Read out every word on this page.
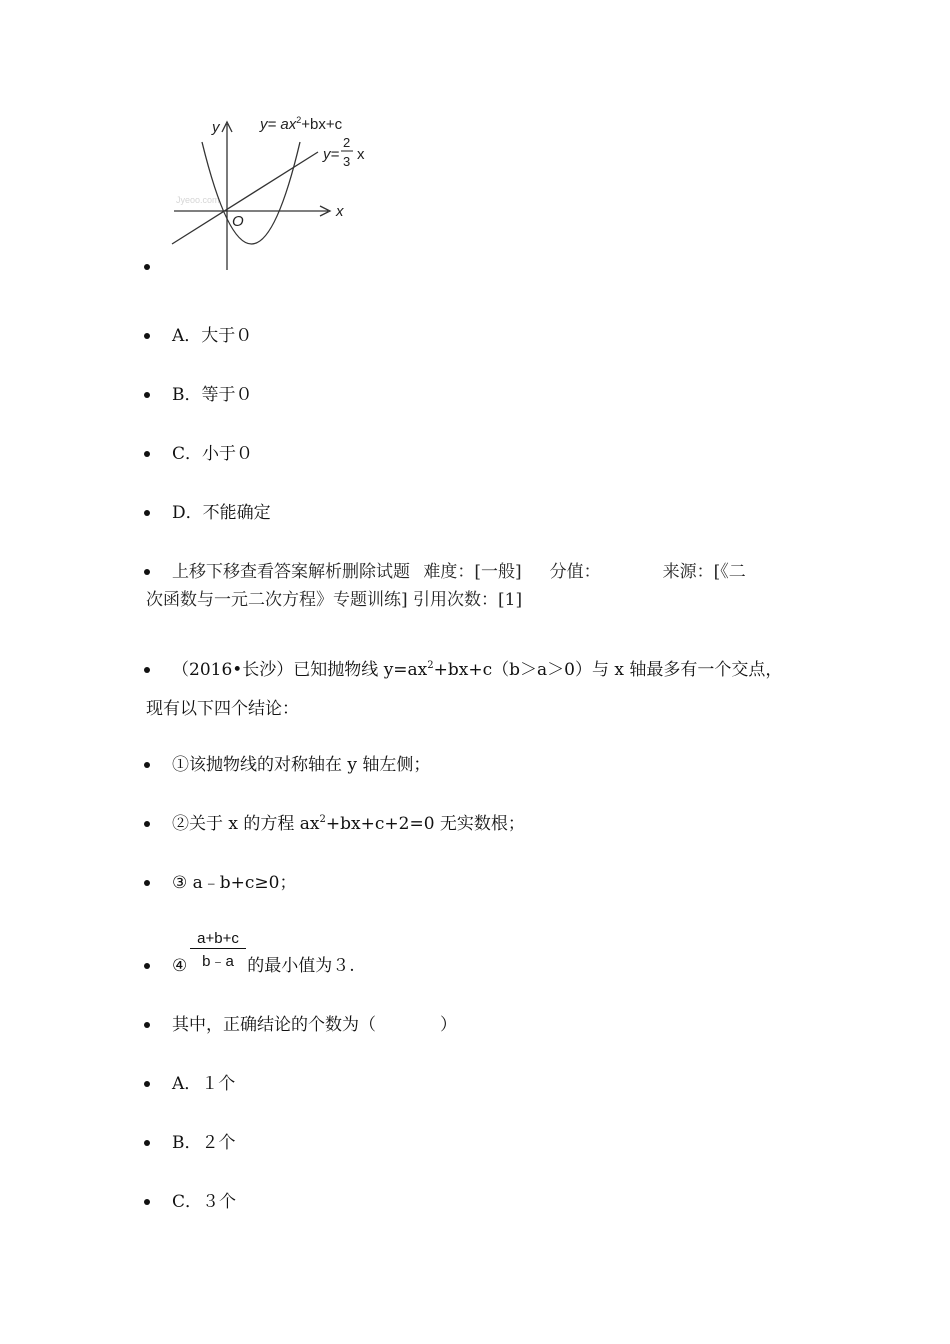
Jyeoo.com
$y= ax^2+bx+c$
y=
2
3 x
x
y
O
A．大于０
B．等于０
C．小于０
D．不能确定
上移下移查看答案解析删除试题 难度：[一般] 分值：	来源：[《二
次函数与一元二次方程》专题训练] 引用次数：[1]
（2016•长沙）已知抛物线 $y=ax^2+bx+c(b>a>0)$与 x 轴最多有一个交点，
现有以下四个结论：
①该抛物线的对称轴在 y 轴左侧；
②关于 x 的方程 $ax^2+bx+c+2=0$ 无实数根；
③ a﹣b+c≥0；
$\frac{a+b+c}{b﹣a}$
④	的最小值为３.
其中，正确结论的个数为（	）
A．１个
B．２个
C．３个
